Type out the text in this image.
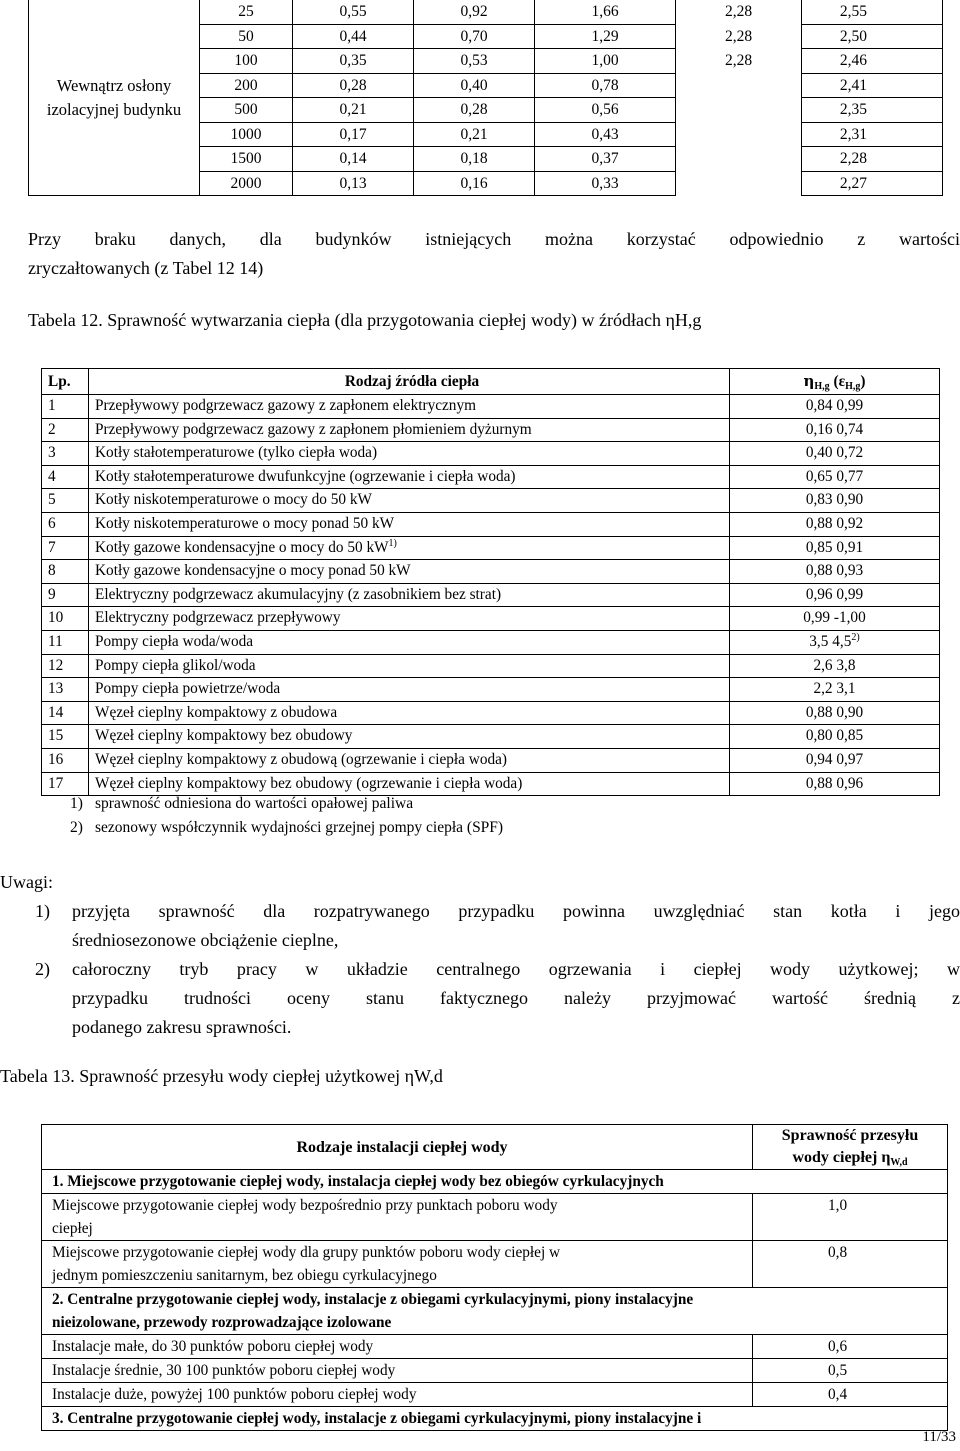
Wewnątrz osłony izolacyjnej budynku	25	0,55	0,92	1,66	2,28	2,55
	50	0,44	0,70	1,29	2,28	2,50
	100	0,35	0,53	1,00	2,28	2,46
	200	0,28	0,40	0,78		2,41
	500	0,21	0,28	0,56		2,35
	1000	0,17	0,21	0,43		2,31
	1500	0,14	0,18	0,37		2,28
	2000	0,13	0,16	0,33		2,27
Przy braku danych, dla budynków istniejących można korzystać odpowiednio z wartości
zryczałtowanych (z Tabel 12 14)
Tabela 12. Sprawność wytwarzania ciepła (dla przygotowania ciepłej wody) w źródłach ηH,g
Lp.	Rodzaj źródła ciepła	$\eta_{H,g}$ $(\varepsilon_{H,g})$
1	Przepływowy podgrzewacz gazowy z zapłonem elektrycznym	0,84 0,99
2	Przepływowy podgrzewacz gazowy z zapłonem płomieniem dyżurnym	0,16 0,74
3	Kotły stałotemperaturowe (tylko ciepła woda)	0,40 0,72
4	Kotły stałotemperaturowe dwufunkcyjne (ogrzewanie i ciepła woda)	0,65 0,77
5	Kotły niskotemperaturowe o mocy do 50 kW	0,83 0,90
6	Kotły niskotemperaturowe o mocy ponad 50 kW	0,88 0,92
7	Kotły gazowe kondensacyjne o mocy do 50 $kW^{1)}$	0,85 0,91
8	Kotły gazowe kondensacyjne o mocy ponad 50 kW	0,88 0,93
9	Elektryczny podgrzewacz akumulacyjny (z zasobnikiem bez strat)	0,96 0,99
10	Elektryczny podgrzewacz przepływowy	0,99 -1,00
11	Pompy ciepła woda/woda	3,5 4,5$^{2)}$
12	Pompy ciepła glikol/woda	2,6 3,8
13	Pompy ciepła powietrze/woda	2,2 3,1
14	Węzeł cieplny kompaktowy z obudowa	0,88 0,90
15	Węzeł cieplny kompaktowy bez obudowy	0,80 0,85
16	Węzeł cieplny kompaktowy z obudową (ogrzewanie i ciepła woda)	0,94 0,97
17	Węzeł cieplny kompaktowy bez obudowy (ogrzewanie i ciepła woda)	0,88 0,96
1) sprawność odniesiona do wartości opałowej paliwa
2) sezonowy współczynnik wydajności grzejnej pompy ciepła (SPF)
Uwagi:
1) przyjęta sprawność dla rozpatrywanego przypadku powinna uwzględniać stan kotła i jego
średniosezonowe obciążenie cieplne,
2) całoroczny tryb pracy w układzie centralnego ogrzewania i ciepłej wody użytkowej; w
przypadku trudności oceny stanu faktycznego należy przyjmować wartość średnią z
podanego zakresu sprawności.
Tabela 13. Sprawność przesyłu wody ciepłej użytkowej ηW,d
Rodzaje instalacji ciepłej wody	Sprawność przesyłu
wody ciepłej $\eta_{W,d}$
1. Miejscowe przygotowanie ciepłej wody, instalacja ciepłej wody bez obiegów cyrkulacyjnych	
Miejscowe przygotowanie ciepłej wody bezpośrednio przy punktach poboru wody
ciepłej	1,0
Miejscowe przygotowanie ciepłej wody dla grupy punktów poboru wody ciepłej w
jednym pomieszczeniu sanitarnym, bez obiegu cyrkulacyjnego	0,8
2. Centralne przygotowanie ciepłej wody, instalacje z obiegami cyrkulacyjnymi, piony instalacyjne
nieizolowane, przewody rozprowadzające izolowane	
Instalacje małe, do 30 punktów poboru ciepłej wody	0,6
Instalacje średnie, 30 100 punktów poboru ciepłej wody	0,5
Instalacje duże, powyżej 100 punktów poboru ciepłej wody	0,4
3. Centralne przygotowanie ciepłej wody, instalacje z obiegami cyrkulacyjnymi, piony instalacyjne i	
11/33
